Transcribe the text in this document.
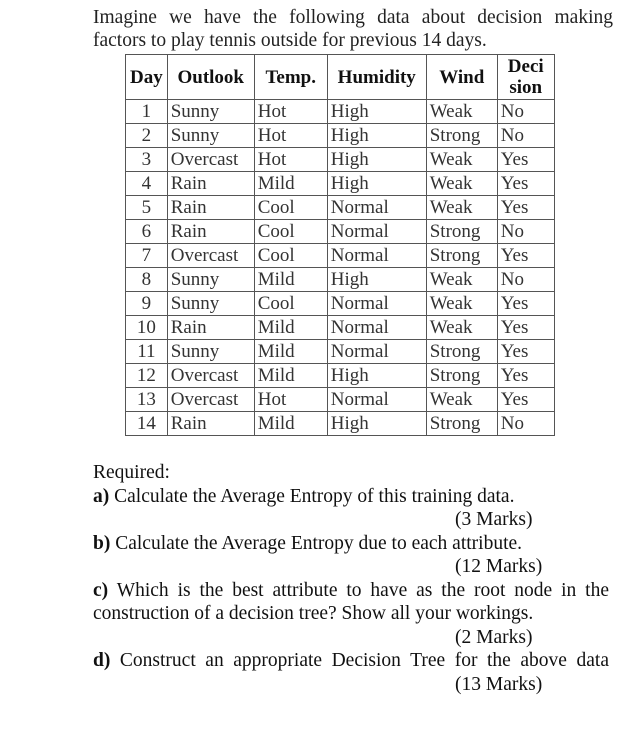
Imagine we have the following data about decision making
factors to play tennis outside for previous 14 days.
Day	Outlook	Temp.	Humidity	Wind	Deci
sion
1	Sunny	Hot	High	Weak	No
2	Sunny	Hot	High	Strong	No
3	Overcast	Hot	High	Weak	Yes
4	Rain	Mild	High	Weak	Yes
5	Rain	Cool	Normal	Weak	Yes
6	Rain	Cool	Normal	Strong	No
7	Overcast	Cool	Normal	Strong	Yes
8	Sunny	Mild	High	Weak	No
9	Sunny	Cool	Normal	Weak	Yes
10	Rain	Mild	Normal	Weak	Yes
11	Sunny	Mild	Normal	Strong	Yes
12	Overcast	Mild	High	Strong	Yes
13	Overcast	Hot	Normal	Weak	Yes
14	Rain	Mild	High	Strong	No
Required:
a) Calculate the Average Entropy of this training data.
(3 Marks)
b) Calculate the Average Entropy due to each attribute.
(12 Marks)
c) Which is the best attribute to have as the root node in the
construction of a decision tree? Show all your workings.
(2 Marks)
d) Construct an appropriate Decision Tree for the above data
(13 Marks)
